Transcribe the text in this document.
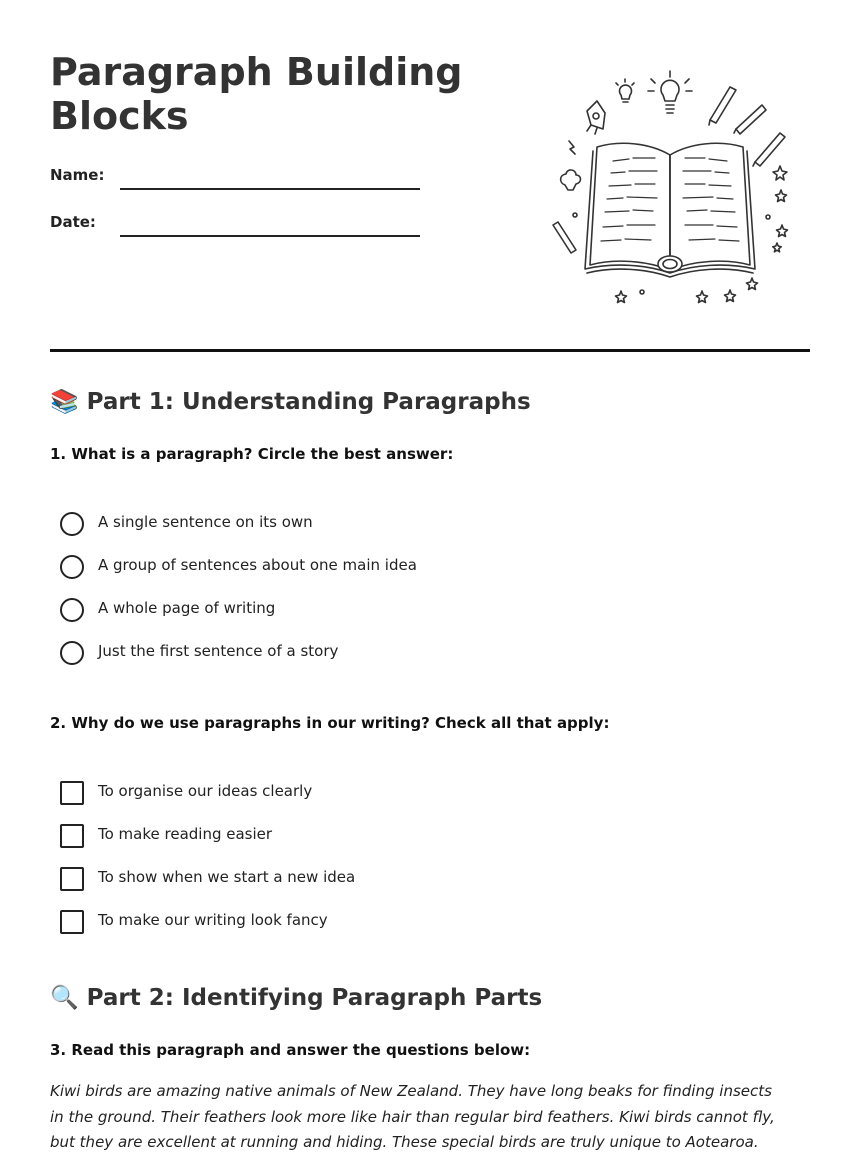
Paragraph Building Blocks
Name:
Date:
📚 Part 1: Understanding Paragraphs
1. What is a paragraph? Circle the best answer:
A single sentence on its own
A group of sentences about one main idea
A whole page of writing
Just the first sentence of a story
2. Why do we use paragraphs in our writing? Check all that apply:
To organise our ideas clearly
To make reading easier
To show when we start a new idea
To make our writing look fancy
🔍 Part 2: Identifying Paragraph Parts
3. Read this paragraph and answer the questions below:

Kiwi birds are amazing native animals of New Zealand. They have long beaks for finding insects in the ground. Their feathers look more like hair than regular bird feathers. Kiwi birds cannot fly, but they are excellent at running and hiding. These special birds are truly unique to Aotearoa.
